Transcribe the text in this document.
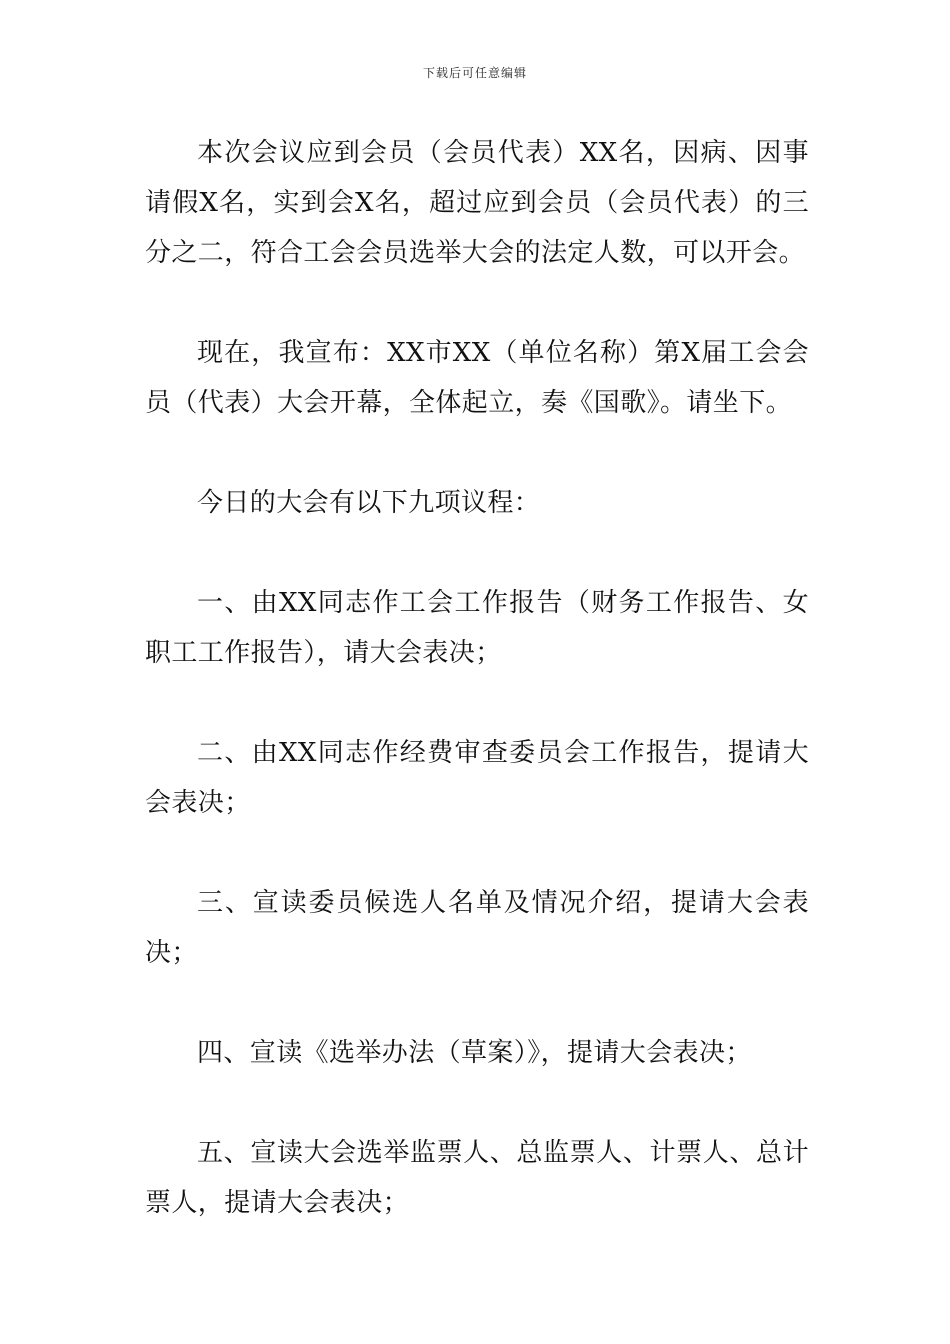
下载后可任意编辑

本次会议应到会员（会员代表）XX名，因病、因事请假X名，实到会X名，超过应到会员（会员代表）的三分之二，符合工会会员选举大会的法定人数，可以开会。

现在，我宣布：XX市XX（单位名称）第X届工会会员（代表）大会开幕，全体起立，奏《国歌》。请坐下。

今日的大会有以下九项议程：

一、由XX同志作工会工作报告（财务工作报告、女职工工作报告），请大会表决；

二、由XX同志作经费审查委员会工作报告，提请大会表决；

三、宣读委员候选人名单及情况介绍，提请大会表决；

四、宣读《选举办法（草案）》，提请大会表决；

五、宣读大会选举监票人、总监票人、计票人、总计票人，提请大会表决；
